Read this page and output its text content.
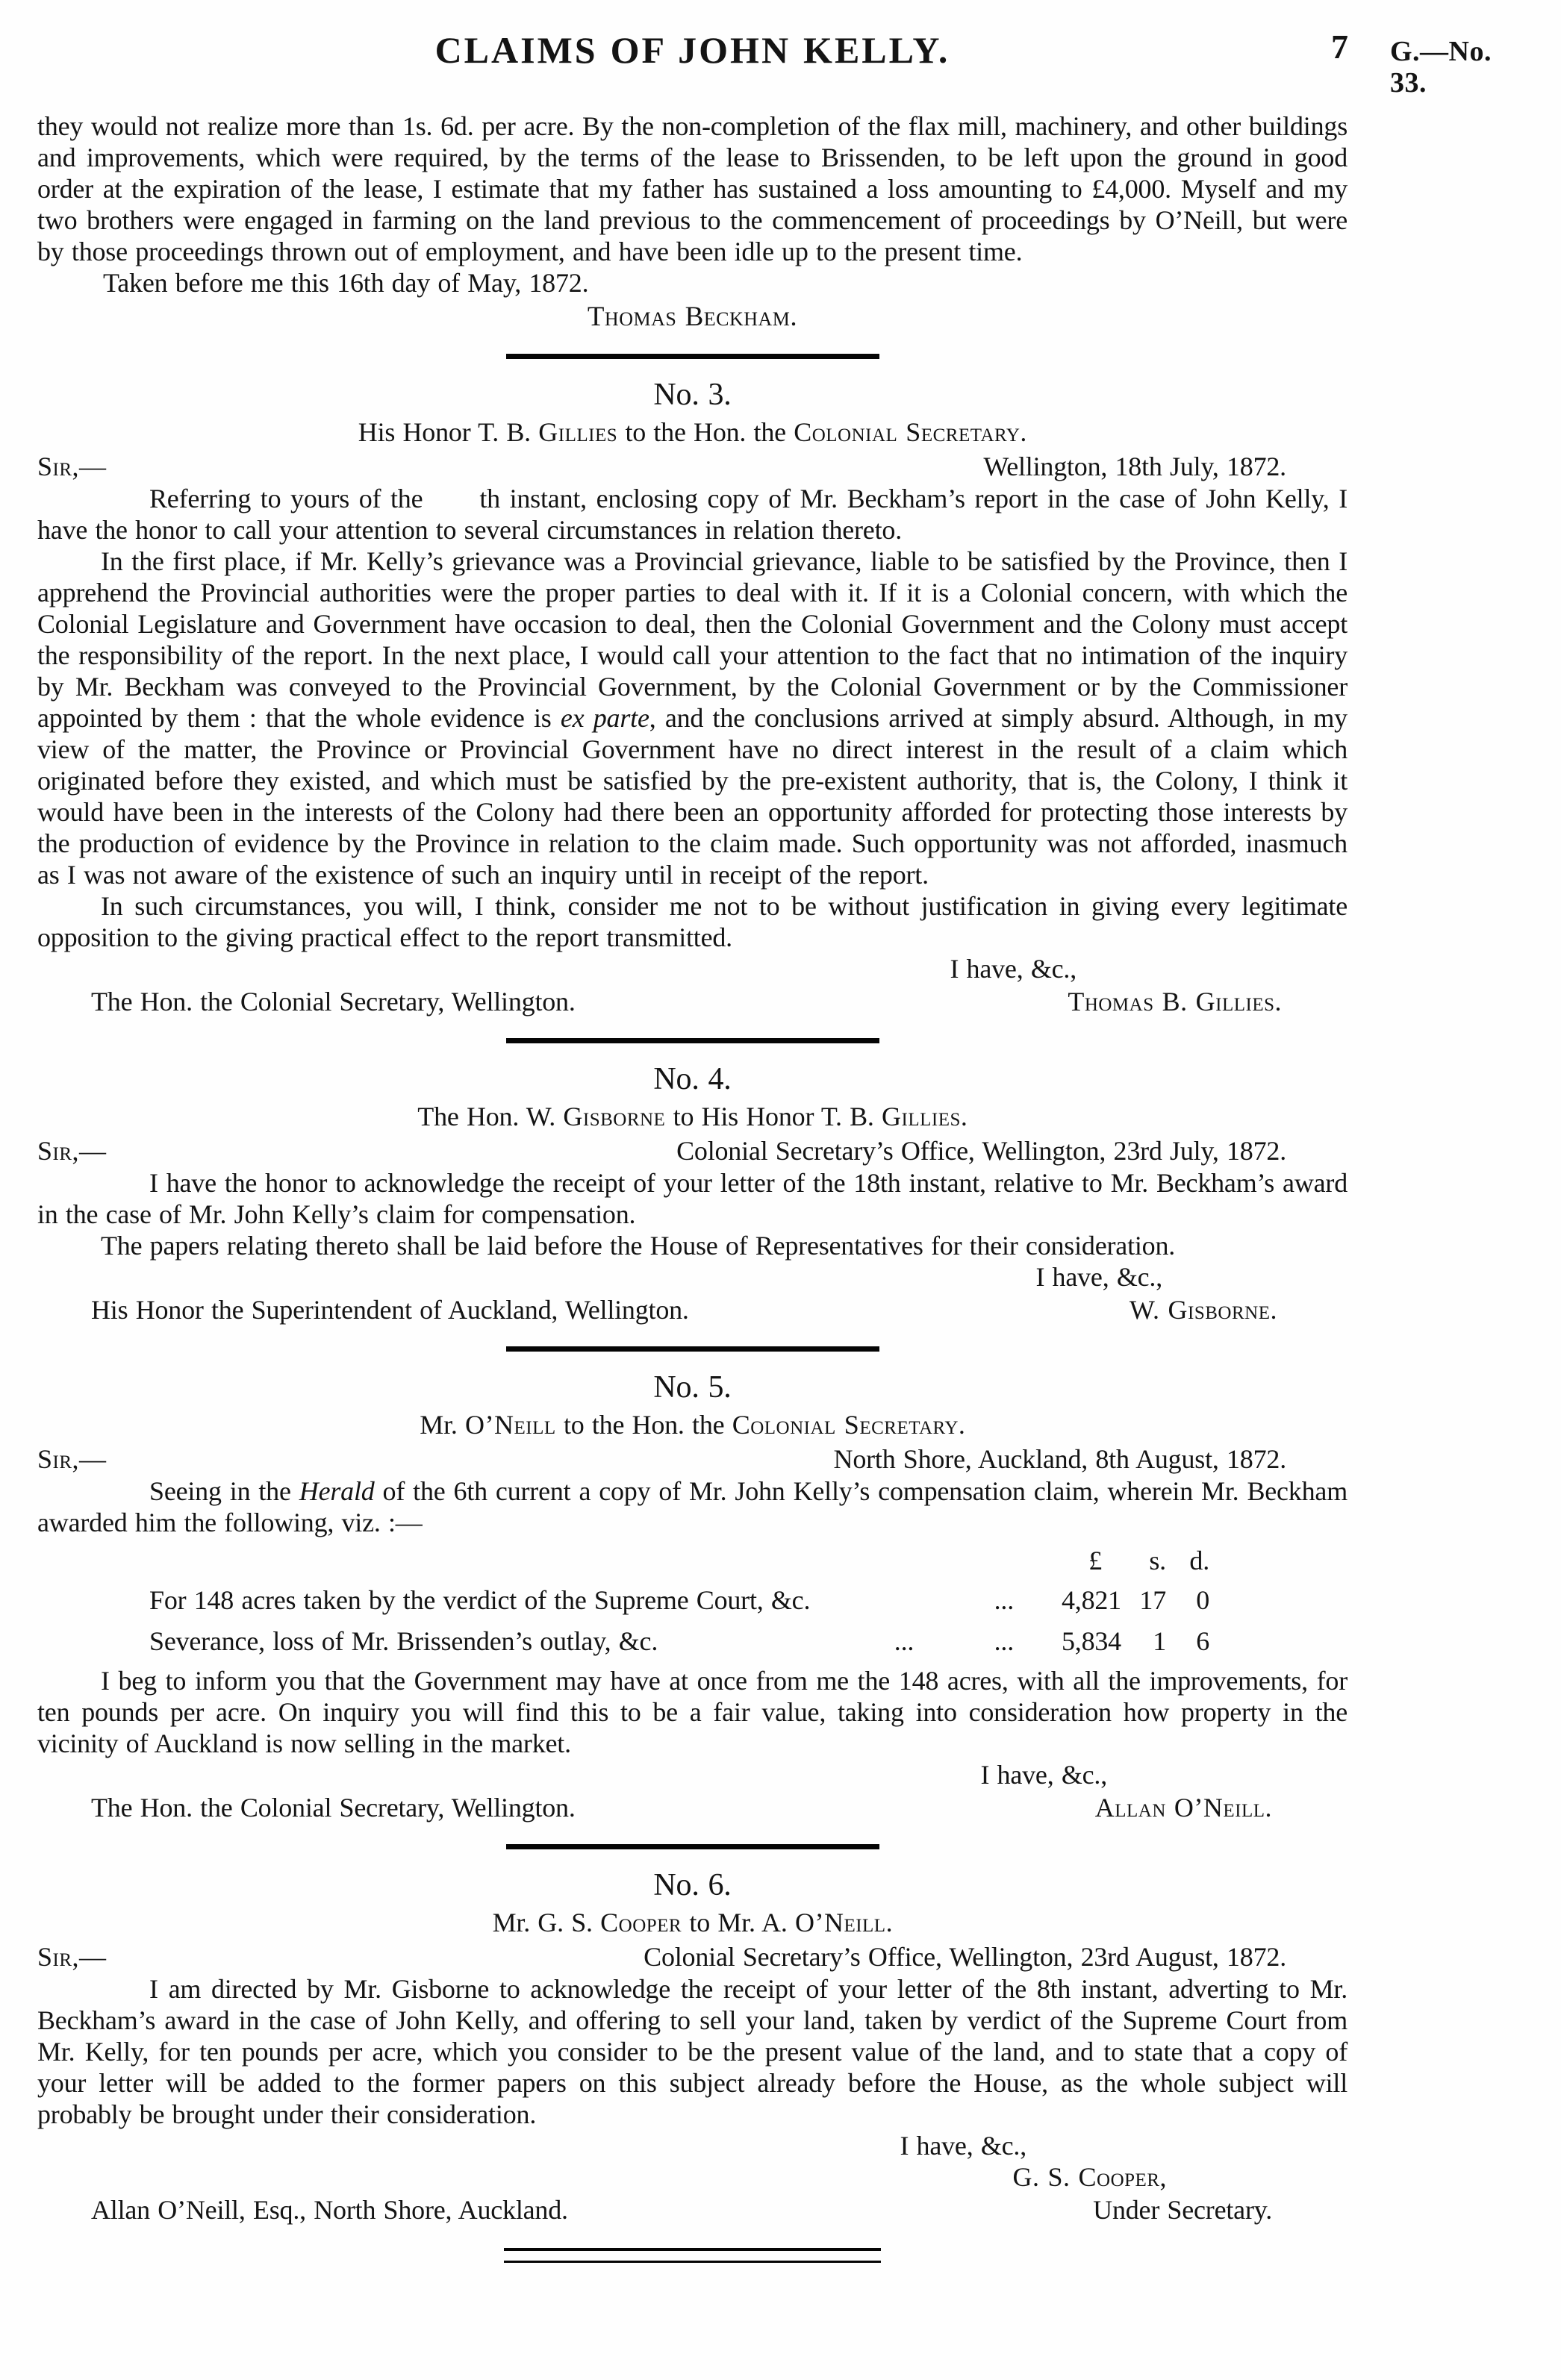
CLAIMS OF JOHN KELLY.	7 G.—No. 33.

they would not realize more than 1s. 6d. per acre. By the non-completion of the flax mill, machinery, and other buildings and improvements, which were required, by the terms of the lease to Brissenden, to be left upon the ground in good order at the expiration of the lease, I estimate that my father has sustained a loss amounting to £4,000. Myself and my two brothers were engaged in farming on the land previous to the commencement of proceedings by O’Neill, but were by those proceedings thrown out of employment, and have been idle up to the present time.

Taken before me this 16th day of May, 1872.

Thomas Beckham.

No. 3.
His Honor T. B. Gillies to the Hon. the Colonial Secretary.
Sir,—	Wellington, 18th July, 1872.

Referring to yours of the      th instant, enclosing copy of Mr. Beckham’s report in the case of John Kelly, I have the honor to call your attention to several circumstances in relation thereto.

In the first place, if Mr. Kelly’s grievance was a Provincial grievance, liable to be satisfied by the Province, then I apprehend the Provincial authorities were the proper parties to deal with it. If it is a Colonial concern, with which the Colonial Legislature and Government have occasion to deal, then the Colonial Government and the Colony must accept the responsibility of the report. In the next place, I would call your attention to the fact that no intimation of the inquiry by Mr. Beckham was conveyed to the Provincial Government, by the Colonial Government or by the Commissioner appointed by them : that the whole evidence is ex parte, and the conclusions arrived at simply absurd. Although, in my view of the matter, the Province or Provincial Government have no direct interest in the result of a claim which originated before they existed, and which must be satisfied by the pre-existent authority, that is, the Colony, I think it would have been in the interests of the Colony had there been an opportunity afforded for protecting those interests by the production of evidence by the Province in relation to the claim made. Such opportunity was not afforded, inasmuch as I was not aware of the existence of such an inquiry until in receipt of the report.

In such circumstances, you will, I think, consider me not to be without justification in giving every legitimate opposition to the giving practical effect to the report transmitted.

I have, &c.,

The Hon. the Colonial Secretary, Wellington.	Thomas B. Gillies.
No. 4.
The Hon. W. Gisborne to His Honor T. B. Gillies.
Sir,—	Colonial Secretary’s Office, Wellington, 23rd July, 1872.

I have the honor to acknowledge the receipt of your letter of the 18th instant, relative to Mr. Beckham’s award in the case of Mr. John Kelly’s claim for compensation.

The papers relating thereto shall be laid before the House of Representatives for their consideration.

I have, &c.,

His Honor the Superintendent of Auckland, Wellington.	W. Gisborne.
No. 5.
Mr. O’Neill to the Hon. the Colonial Secretary.
Sir,—	North Shore, Auckland, 8th August, 1872.

Seeing in the Herald of the 6th current a copy of Mr. John Kelly’s compensation claim, wherein Mr. Beckham awarded him the following, viz. :—

£	s. d.
For 148 acres taken by the verdict of the Supreme Court, &c.	...	4,821 17	0
Severance, loss of Mr. Brissenden’s outlay, &c.	...   ...	5,834	1	6

I beg to inform you that the Government may have at once from me the 148 acres, with all the improvements, for ten pounds per acre. On inquiry you will find this to be a fair value, taking into consideration how property in the vicinity of Auckland is now selling in the market.

I have, &c.,

The Hon. the Colonial Secretary, Wellington.	Allan O’Neill.
No. 6.
Mr. G. S. Cooper to Mr. A. O’Neill.
Sir,—	Colonial Secretary’s Office, Wellington, 23rd August, 1872.

I am directed by Mr. Gisborne to acknowledge the receipt of your letter of the 8th instant, adverting to Mr. Beckham’s award in the case of John Kelly, and offering to sell your land, taken by verdict of the Supreme Court from Mr. Kelly, for ten pounds per acre, which you consider to be the present value of the land, and to state that a copy of your letter will be added to the former papers on this subject already before the House, as the whole subject will probably be brought under their consideration.

I have, &c.,

G. S. Cooper,

Allan O’Neill, Esq., North Shore, Auckland.	Under Secretary.
